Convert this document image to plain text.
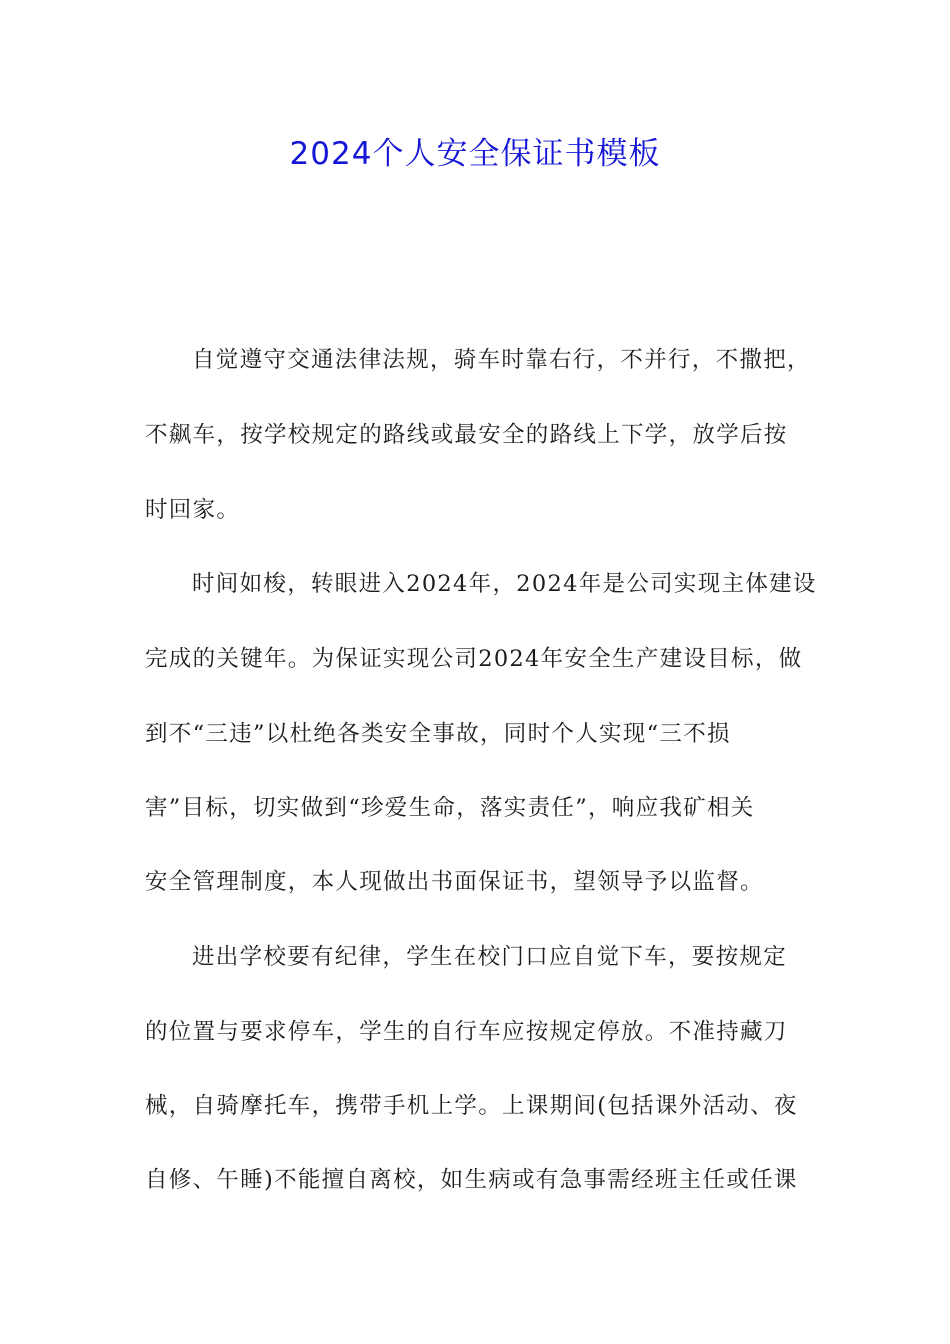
2024个人安全保证书模板

自觉遵守交通法律法规，骑车时靠右行，不并行，不撒把，

不飙车，按学校规定的路线或最安全的路线上下学，放学后按

时回家。

时间如梭，转眼进入2024年，2024年是公司实现主体建设

完成的关键年。为保证实现公司2024年安全生产建设目标，做

到不“三违”以杜绝各类安全事故，同时个人实现“三不损

害”目标，切实做到“珍爱生命，落实责任”，响应我矿相关

安全管理制度，本人现做出书面保证书，望领导予以监督。

进出学校要有纪律，学生在校门口应自觉下车，要按规定

的位置与要求停车，学生的自行车应按规定停放。不准持藏刀

械，自骑摩托车，携带手机上学。上课期间(包括课外活动、夜

自修、午睡)不能擅自离校，如生病或有急事需经班主任或任课
